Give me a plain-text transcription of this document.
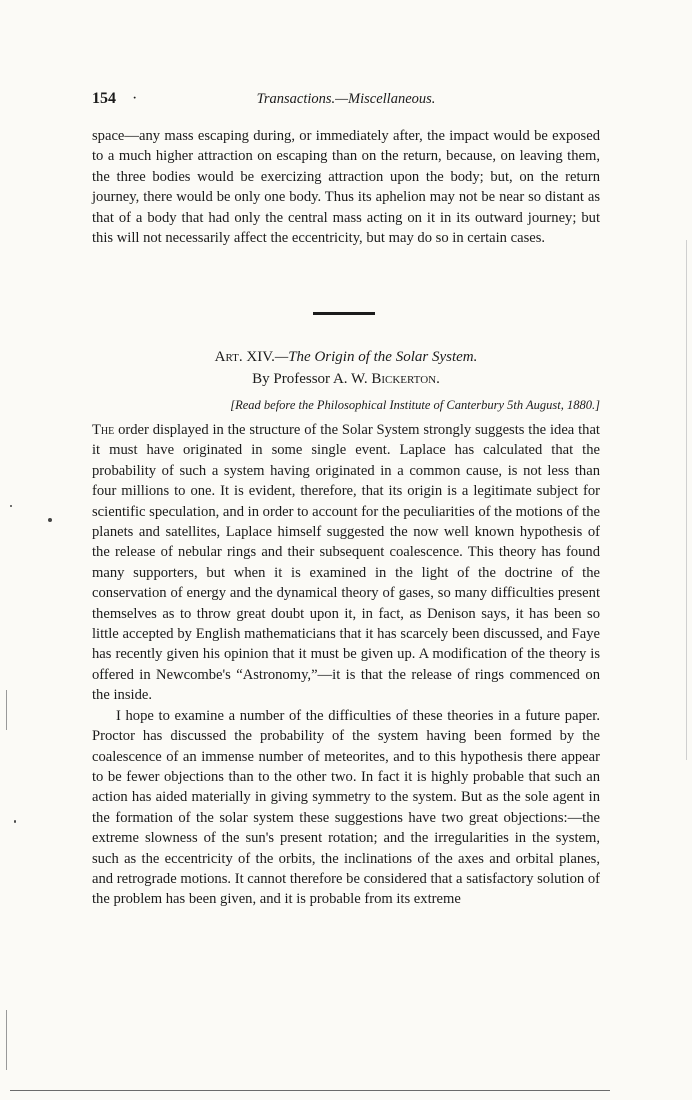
154 ·	Transactions.—Miscellaneous.

space—any mass escaping during, or immediately after, the impact would be exposed to a much higher attraction on escaping than on the return, because, on leaving them, the three bodies would be exercizing attraction upon the body; but, on the return journey, there would be only one body. Thus its aphelion may not be near so distant as that of a body that had only the central mass acting on it in its outward journey; but this will not necessarily affect the eccentricity, but may do so in certain cases.

Art. XIV.—The Origin of the Solar System.
By Professor A. W. Bickerton.
[Read before the Philosophical Institute of Canterbury 5th August, 1880.]

The order displayed in the structure of the Solar System strongly suggests the idea that it must have originated in some single event. Laplace has calculated that the probability of such a system having originated in a common cause, is not less than four millions to one. It is evident, therefore, that its origin is a legitimate subject for scientific speculation, and in order to account for the peculiarities of the motions of the planets and satellites, Laplace himself suggested the now well known hypothesis of the release of nebular rings and their subsequent coalescence. This theory has found many supporters, but when it is examined in the light of the doctrine of the conservation of energy and the dynamical theory of gases, so many difficulties present themselves as to throw great doubt upon it, in fact, as Denison says, it has been so little accepted by English mathematicians that it has scarcely been discussed, and Faye has recently given his opinion that it must be given up. A modification of the theory is offered in Newcombe's “Astronomy,”—it is that the release of rings commenced on the inside.

I hope to examine a number of the difficulties of these theories in a future paper. Proctor has discussed the probability of the system having been formed by the coalescence of an immense number of meteorites, and to this hypothesis there appear to be fewer objections than to the other two. In fact it is highly probable that such an action has aided materially in giving symmetry to the system. But as the sole agent in the formation of the solar system these suggestions have two great objections:—the extreme slowness of the sun's present rotation; and the irregularities in the system, such as the eccentricity of the orbits, the inclinations of the axes and orbital planes, and retrograde motions. It cannot therefore be considered that a satisfactory solution of the problem has been given, and it is probable from its extreme
